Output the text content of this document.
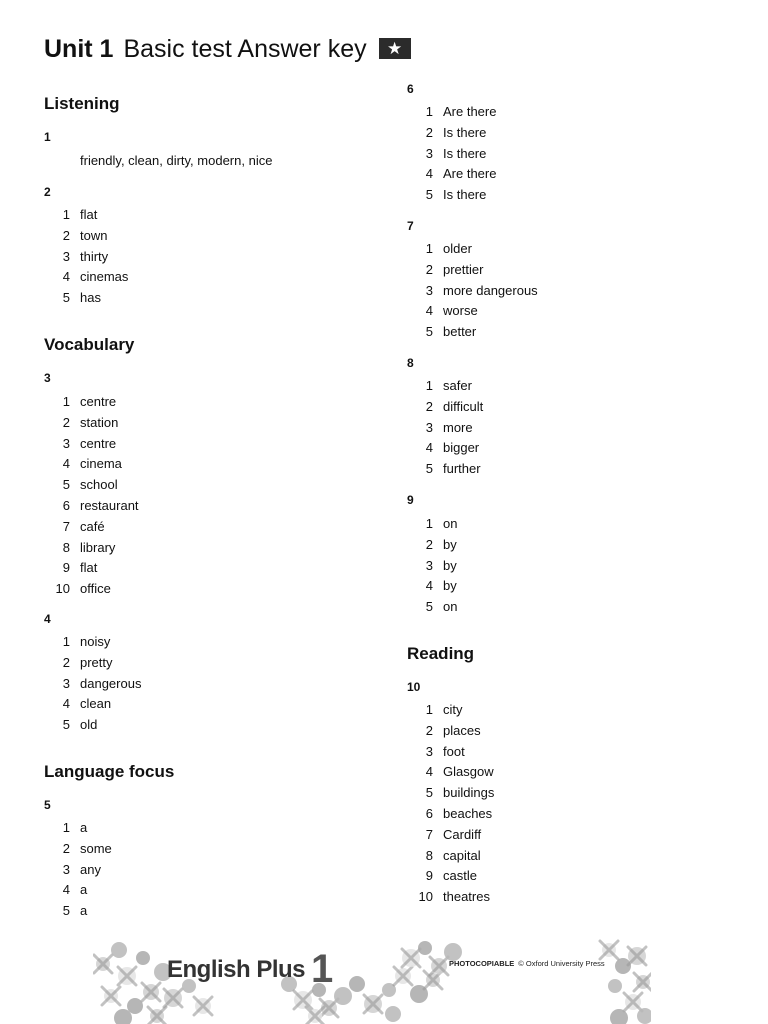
Unit 1 Basic test Answer key ★
Listening
1
friendly, clean, dirty, modern, nice
2
1 flat
2 town
3 thirty
4 cinemas
5 has
Vocabulary
3
1 centre
2 station
3 centre
4 cinema
5 school
6 restaurant
7 café
8 library
9 flat
10 office
4
1 noisy
2 pretty
3 dangerous
4 clean
5 old
Language focus
5
1 a
2 some
3 any
4 a
5 a
6
1 Are there
2 Is there
3 Is there
4 Are there
5 Is there
7
1 older
2 prettier
3 more dangerous
4 worse
5 better
8
1 safer
2 difficult
3 more
4 bigger
5 further
9
1 on
2 by
3 by
4 by
5 on
Reading
10
1 city
2 places
3 foot
4 Glasgow
5 buildings
6 beaches
7 Cardiff
8 capital
9 castle
10 theatres
English Plus 1	PHOTOCOPIABLE © Oxford University Press
